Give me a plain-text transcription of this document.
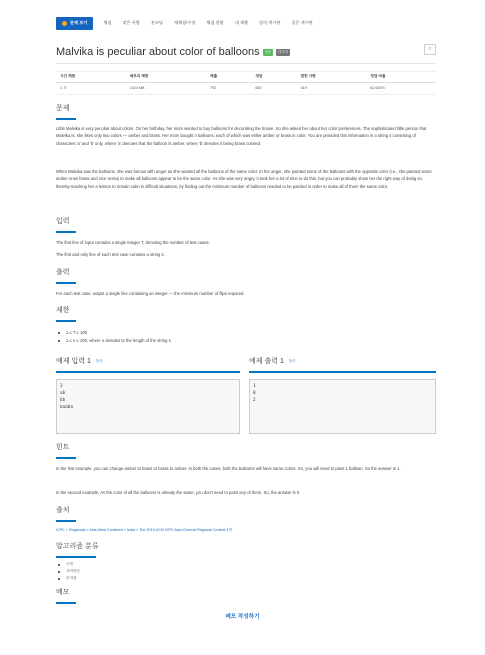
문제 보기	채점	맞은 사람	숏코딩	재채점/수정	채점 현황	내 제출	강의 게시판	질문 게시판
Malvika is peculiar about color of balloons	성공	다국어
☆
시간 제한	메모리 제한	제출	정답	맞힌 사람	정답 비율
1 초	1024 MB	792	663	619	82.653%
문제
Little Malvika is very peculiar about colors. On her birthday, her mom wanted to buy balloons for decorating the house. So she asked her about her color preferences. The sophisticated little person that Malvika is, she likes only two colors — amber and brass. Her mom bought n balloons, each of which was either amber or brass in color. You are provided this information in a string s consisting of characters 'a' and 'b' only, where 'a' denotes that the balloon is amber, where 'b' denotes it being brass colored.
When Malvika saw the balloons, she was furious with anger as she wanted all the balloons of the same color. In her anger, she painted some of the balloons with the opposite color (i.e., she painted some amber ones brass and vice versa) to make all balloons appear to be the same color. As she was very angry, it took her a lot of time to do this, but you can probably show her the right way of doing so, thereby teaching her a lesson to remain calm in difficult situations, by finding out the minimum number of balloons needed to be painted in order to make all of them the same color.
입력
The first line of input contains a single integer T, denoting the number of test cases.
The first and only line of each test case contains a string s.
출력
For each test case, output a single line containing an integer — the minimum number of flips required.
제한
1 ≤ T ≤ 100
1 ≤ n ≤ 100, where n denotes to the length of the string s.
예제 입력 1 복사
3
ab
bb
baaba
예제 출력 1 복사
1
0
2
힌트
In the first example, you can change amber to brass or brass to amber. In both the cases, both the balloons will have same colors. So, you will need to paint 1 balloon. So the answer is 1.
In the second example, As the color of all the balloons is already the same, you don't need to paint any of them. So, the answer is 0.
출처
ICPC > Regionals > Asia West Continent > India > The 2019 ACM ICPC Asia Chennai Regional Contest 1번
알고리즘 분류
구현
사칙연산
문자열
메모
메모 작성하기
